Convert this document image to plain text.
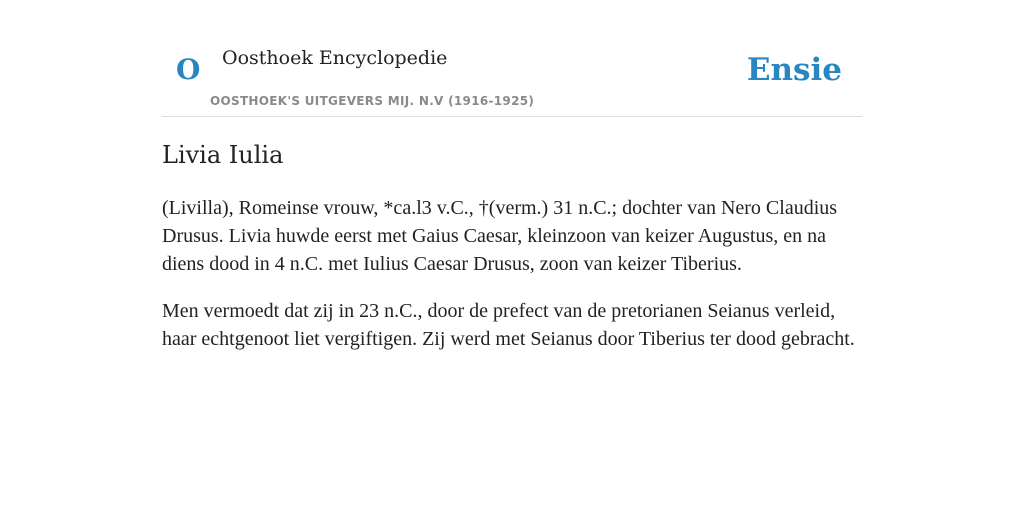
O Oosthoek Encyclopedie
OOSTHOEK'S UITGEVERS MIJ. N.V (1916-1925)
Ensie
Livia Iulia

(Livilla), Romeinse vrouw, *ca.l3 v.C., †(verm.) 31 n.C.; dochter van Nero Claudius Drusus. Livia huwde eerst met Gaius Caesar, kleinzoon van keizer Augustus, en na diens dood in 4 n.C. met Iulius Caesar Drusus, zoon van keizer Tiberius.

Men vermoedt dat zij in 23 n.C., door de prefect van de pretorianen Seianus verleid, haar echtgenoot liet vergiftigen. Zij werd met Seianus door Tiberius ter dood gebracht.
